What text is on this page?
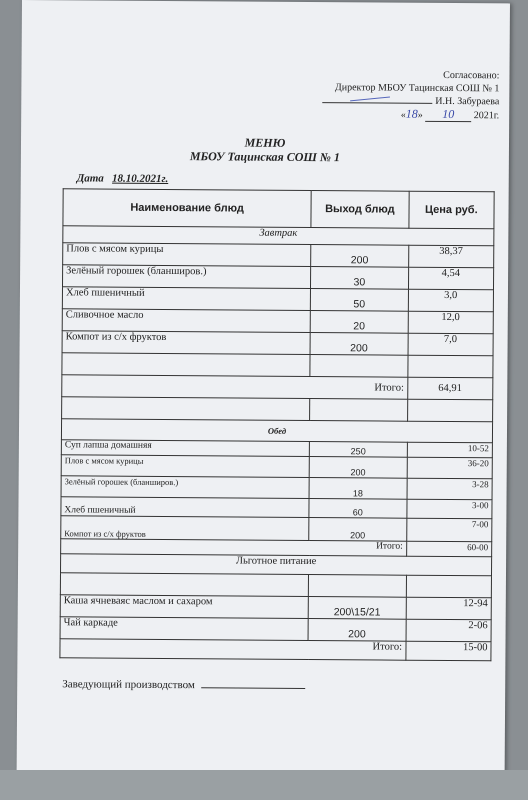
Согласовано:
Директор МБОУ Тацинская СОШ № 1
И.Н. Забураева
«18» 10 2021г.
МЕНЮ
МБОУ Тацинская СОШ № 1
Дата 18.10.2021г.
Наименование блюд	Выход блюд	Цена руб.
Завтрак		
Плов с мясом курицы	200	38,37
Зелёный горошек (бланширов.)	30	4,54
Хлеб пшеничный	50	3,0
Сливочное масло	20	12,0
Компот из с/х фруктов	200	7,0

Итого:		64,91

Обед		
Суп лапша домашняя	250	10-52
Плов с мясом курицы	200	36-20
Зелёный горошек (бланширов.)	18	3-28
Хлеб пшеничный	60	3-00
Компот из с/х фруктов	200	7-00
Итого:		60-00
Льготное питание		

Каша ячневаяс маслом и сахаром	200\15/21	12-94
Чай каркаде	200	2-06
Итого:		15-00
Заведующий производством
